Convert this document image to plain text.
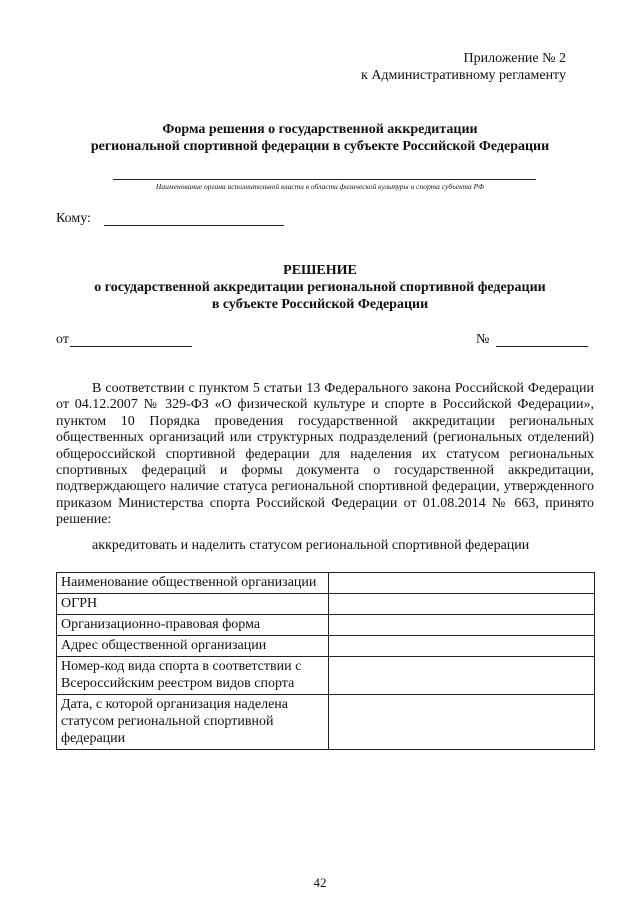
Приложение № 2
к Административному регламенту
Форма решения о государственной аккредитации
региональной спортивной федерации в субъекте Российской Федерации
Наименование органа исполнительной власти в области физической культуры и спорта субъекта РФ
Кому:
РЕШЕНИЕ
о государственной аккредитации региональной спортивной федерации
в субъекте Российской Федерации
от	№

В соответствии с пунктом 5 статьи 13 Федерального закона Российской Федерации от 04.12.2007 № 329-ФЗ «О физической культуре и спорте в Российской Федерации», пунктом 10 Порядка проведения государственной аккредитации региональных общественных организаций или структурных подразделений (региональных отделений) общероссийской спортивной федерации для наделения их статусом региональных спортивных федераций и формы документа о государственной аккредитации, подтверждающего наличие статуса региональной спортивной федерации, утвержденного приказом Министерства спорта Российской Федерации от 01.08.2014 № 663, принято решение:

аккредитовать и наделить статусом региональной спортивной федерации
Наименование общественной организации	
ОГРН	
Организационно-правовая форма	
Адрес общественной организации	
Номер-код вида спорта в соответствии с Всероссийским реестром видов спорта	
Дата, с которой организация наделена статусом региональной спортивной федерации	
42
